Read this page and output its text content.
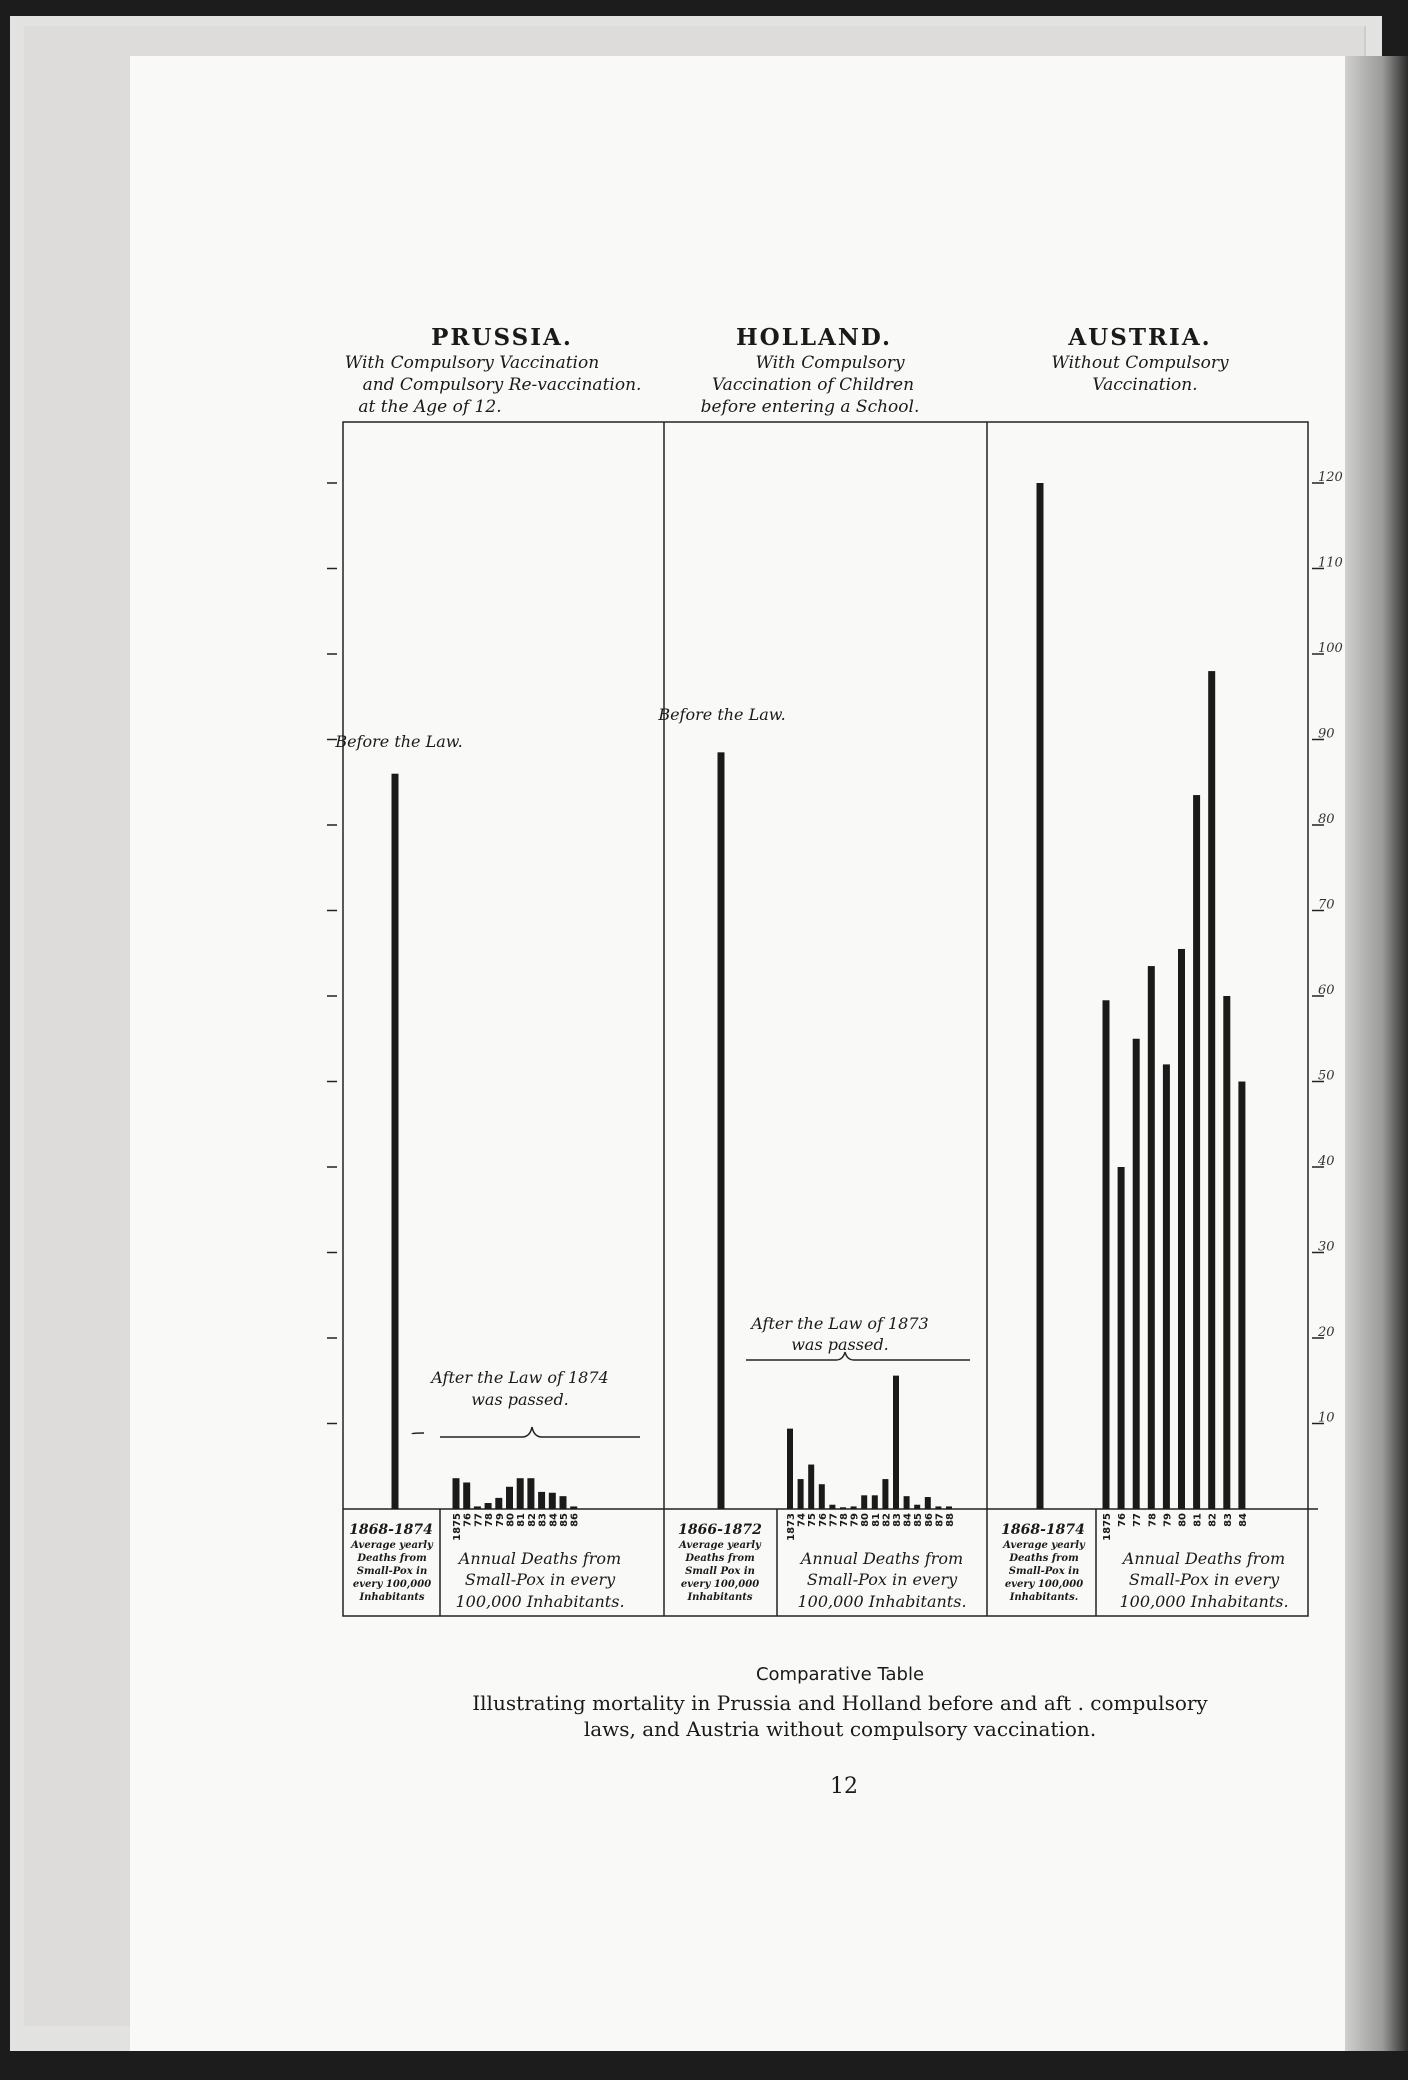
PRUSSIA.
With Compulsory Vaccination
and Compulsory Re-vaccination.
at the Age of 12.
HOLLAND.
With Compulsory
Vaccination of Children
before entering a School.
AUSTRIA.
Without Compulsory
Vaccination.
Before the Law.
Before the Law.
After the Law of 1874
was passed.
After the Law of 1873
was passed.
1868-1874
Average yearly
Deaths from
Small-Pox in
every 100,000
Inhabitants
Annual Deaths from
Small-Pox in every
100,000 Inhabitants.
1866-1872
Average yearly
Deaths from
Small Pox in
every 100,000
Inhabitants
Annual Deaths from
Small-Pox in every
100,000 Inhabitants.
1868-1874
Average yearly
Deaths from
Small-Pox in
every 100,000
Inhabitants.
Annual Deaths from
Small-Pox in every
100,000 Inhabitants.
Comparative Table
Illustrating mortality in Prussia and Holland before and aft . compulsory
laws, and Austria without compulsory vaccination.
12
1875 76 77 78 79 80 81 82 83 84 85 86	1873 74 75 76 77 78 79 80 81 82 83 84 85 86 87 88	1875 76 77 78 79 80 81 82 83 84
10
20
30
40
50
60
70
80
90
100
110
120
